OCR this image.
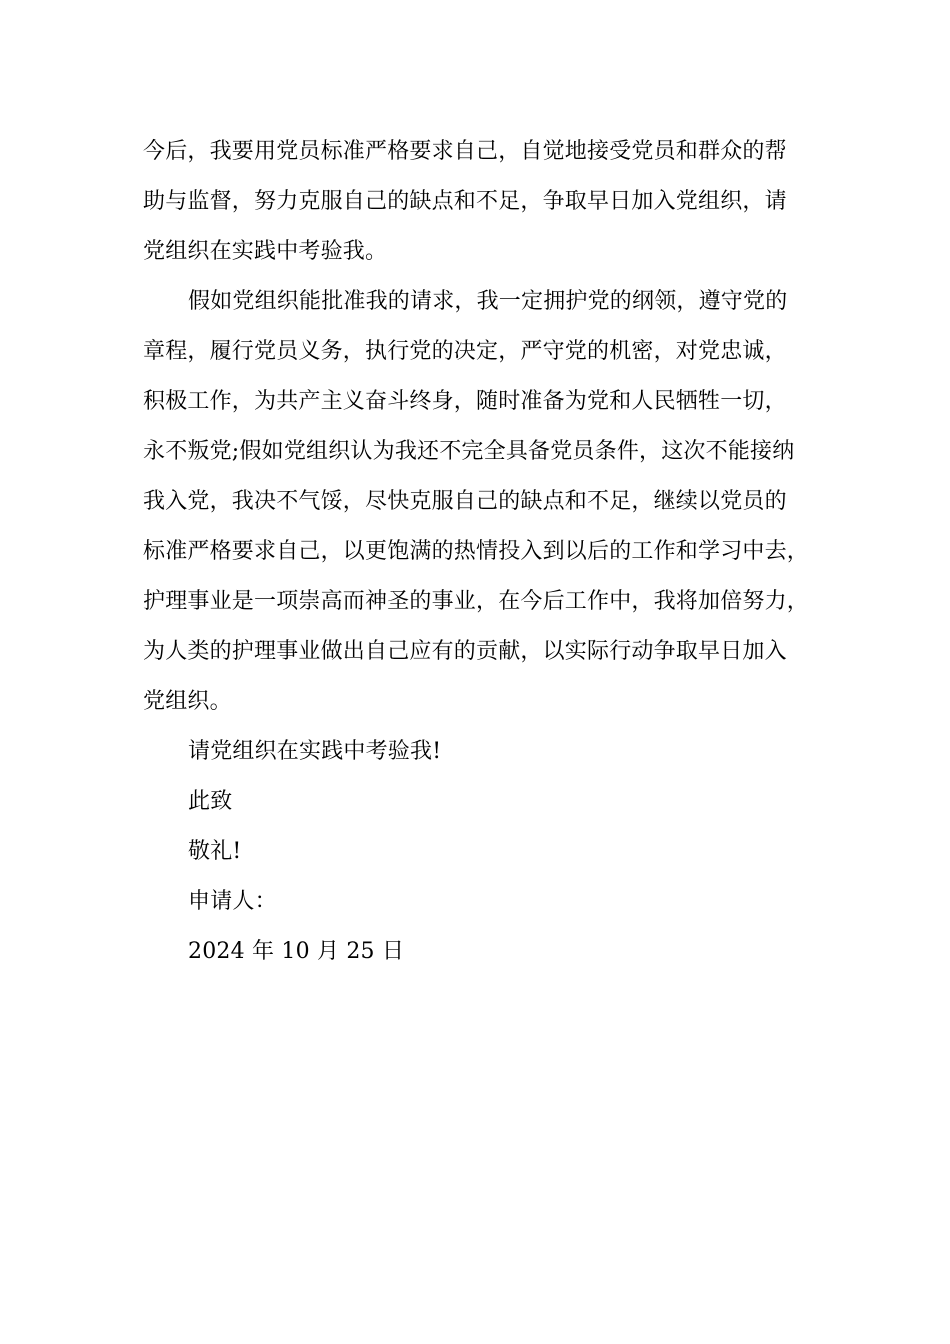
今后，我要用党员标准严格要求自己，自觉地接受党员和群众的帮
助与监督，努力克服自己的缺点和不足，争取早日加入党组织，请
党组织在实践中考验我。
假如党组织能批准我的请求，我一定拥护党的纲领，遵守党的
章程，履行党员义务，执行党的决定，严守党的机密，对党忠诚，
积极工作，为共产主义奋斗终身，随时准备为党和人民牺牲一切，
永不叛党;假如党组织认为我还不完全具备党员条件，这次不能接纳
我入党，我决不气馁，尽快克服自己的缺点和不足，继续以党员的
标准严格要求自己，以更饱满的热情投入到以后的工作和学习中去，
护理事业是一项崇高而神圣的事业，在今后工作中，我将加倍努力，
为人类的护理事业做出自己应有的贡献，以实际行动争取早日加入
党组织。
请党组织在实践中考验我!
此致
敬礼!
申请人：
2024 年 10 月 25 日
